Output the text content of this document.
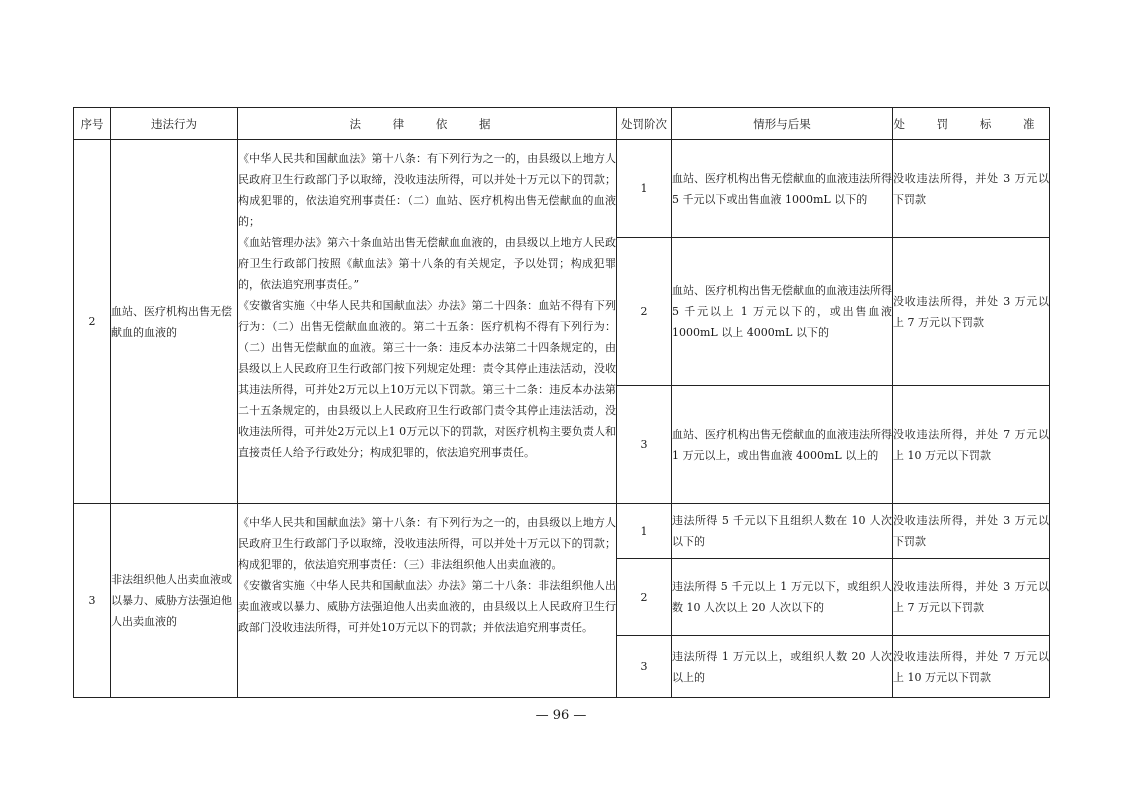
序号	违法行为	法 律 依 据	处罚阶次	情形与后果	处 罚 标 准
2	血站、医疗机构出售无偿献血的血液的	《中华人民共和国献血法》第十八条：有下列行为之一的，由县级以上地方人民政府卫生行政部门予以取缔，没收违法所得，可以并处十万元以下的罚款；构成犯罪的，依法追究刑事责任：（二）血站、医疗机构出售无偿献血的血液的；

《血站管理办法》第六十条血站出售无偿献血血液的，由县级以上地方人民政府卫生行政部门按照《献血法》第十八条的有关规定，予以处罚；构成犯罪的，依法追究刑事责任。”

《安徽省实施〈中华人民共和国献血法〉办法》第二十四条：血站不得有下列行为：（二）出售无偿献血血液的。第二十五条：医疗机构不得有下列行为：（二）出售无偿献血的血液。第三十一条：违反本办法第二十四条规定的，由县级以上人民政府卫生行政部门按下列规定处理：责令其停止违法活动，没收其违法所得，可并处2万元以上10万元以下罚款。第三十二条：违反本办法第二十五条规定的，由县级以上人民政府卫生行政部门责令其停止违法活动，没收违法所得，可并处2万元以上1 0万元以下的罚款，对医疗机构主要负责人和直接责任人给予行政处分；构成犯罪的，依法追究刑事责任。	1	血站、医疗机构出售无偿献血的血液违法所得 5 千元以下或出售血液 1000mL 以下的	没收违法所得，并处 3 万元以下罚款
			2	血站、医疗机构出售无偿献血的血液违法所得 5 千元以上 1 万元以下的，或出售血液 1000mL 以上 4000mL 以下的	没收违法所得，并处 3 万元以上 7 万元以下罚款
			3	血站、医疗机构出售无偿献血的血液违法所得 1 万元以上，或出售血液 4000mL 以上的	没收违法所得，并处 7 万元以上 10 万元以下罚款
3	非法组织他人出卖血液或以暴力、威胁方法强迫他人出卖血液的	《中华人民共和国献血法》第十八条：有下列行为之一的，由县级以上地方人民政府卫生行政部门予以取缔，没收违法所得，可以并处十万元以下的罚款；构成犯罪的，依法追究刑事责任：（三）非法组织他人出卖血液的。

《安徽省实施〈中华人民共和国献血法〉办法》第二十八条：非法组织他人出卖血液或以暴力、威胁方法强迫他人出卖血液的，由县级以上人民政府卫生行政部门没收违法所得，可并处10万元以下的罚款；并依法追究刑事责任。	1	违法所得 5 千元以下且组织人数在 10 人次以下的	没收违法所得，并处 3 万元以下罚款
			2	违法所得 5 千元以上 1 万元以下，或组织人数 10 人次以上 20 人次以下的	没收违法所得，并处 3 万元以上 7 万元以下罚款
			3	违法所得 1 万元以上，或组织人数 20 人次以上的	没收违法所得，并处 7 万元以上 10 万元以下罚款
— 96 —
